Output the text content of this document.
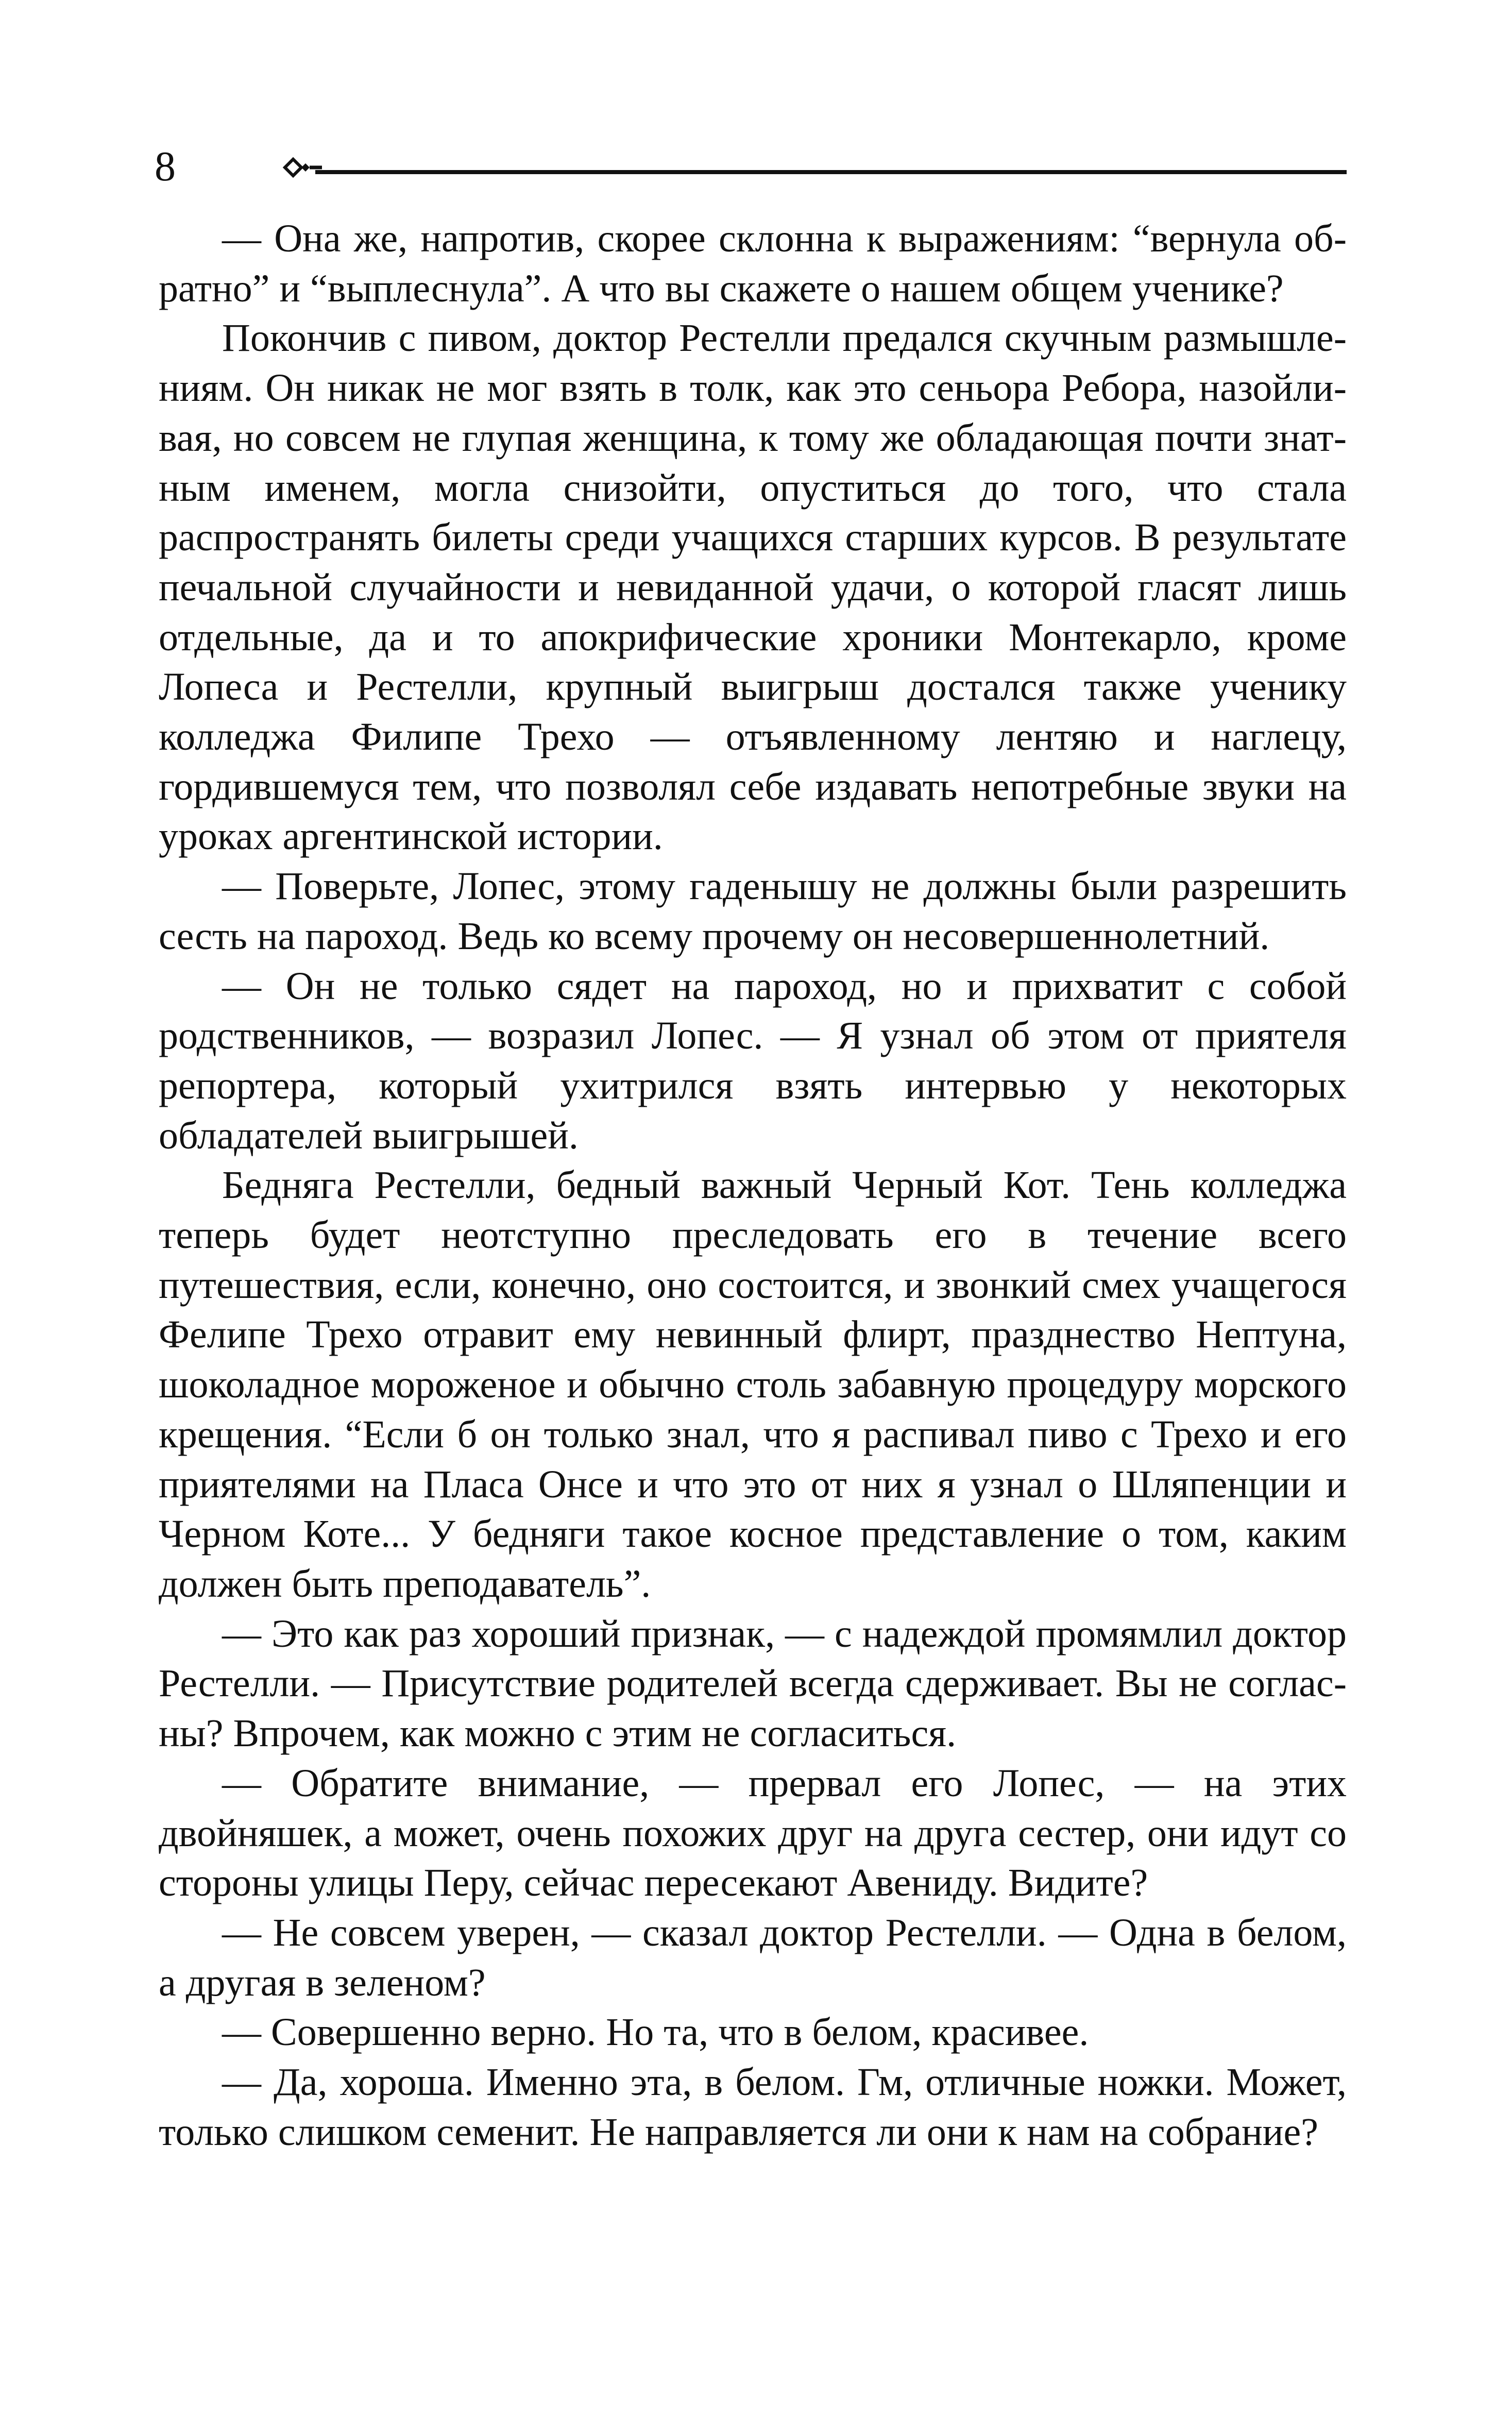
8

— Она же, напротив, скорее склонна к выражениям: “вернула обратно” и “выплеснула”. А что вы скажете о нашем общем ученике?

Покончив с пивом, доктор Рестелли предался скучным размышлениям. Он никак не мог взять в толк, как это сеньора Ребора, назойливая, но совсем не глупая женщина, к тому же обладающая почти знатным именем, могла снизойти, опуститься до того, что стала распространять билеты среди учащихся старших курсов. В результате печальной случайности и невиданной удачи, о которой гласят лишь отдельные, да и то апокрифические хроники Монтекарло, кроме Лопеса и Рестелли, крупный выигрыш достался также ученику колледжа Филипе Трехо — отъявленному лентяю и наглецу, гордившемуся тем, что позволял себе издавать непотребные звуки на уроках аргентинской истории.

— Поверьте, Лопес, этому гаденышу не должны были разрешить сесть на пароход. Ведь ко всему прочему он несовершеннолетний.

— Он не только сядет на пароход, но и прихватит с собой родственников, — возразил Лопес. — Я узнал об этом от приятеля репортера, который ухитрился взять интервью у некоторых обладателей выигрышей.

Бедняга Рестелли, бедный важный Черный Кот. Тень колледжа теперь будет неотступно преследовать его в течение всего путешествия, если, конечно, оно состоится, и звонкий смех учащегося Фелипе Трехо отравит ему невинный флирт, празднество Нептуна, шоколадное мороженое и обычно столь забавную процедуру морского крещения. “Если б он только знал, что я распивал пиво с Трехо и его приятелями на Пласа Онсе и что это от них я узнал о Шляпенции и Черном Коте... У бедняги такое косное представление о том, каким должен быть преподаватель”.

— Это как раз хороший признак, — с надеждой промямлил доктор Рестелли. — Присутствие родителей всегда сдерживает. Вы не согласны? Впрочем, как можно с этим не согласиться.

— Обратите внимание, — прервал его Лопес, — на этих двойняшек, а может, очень похожих друг на друга сестер, они идут со стороны улицы Перу, сейчас пересекают Авениду. Видите?

— Не совсем уверен, — сказал доктор Рестелли. — Одна в белом, а другая в зеленом?

— Совершенно верно. Но та, что в белом, красивее.

— Да, хороша. Именно эта, в белом. Гм, отличные ножки. Может, только слишком семенит. Не направляется ли они к нам на собрание?
